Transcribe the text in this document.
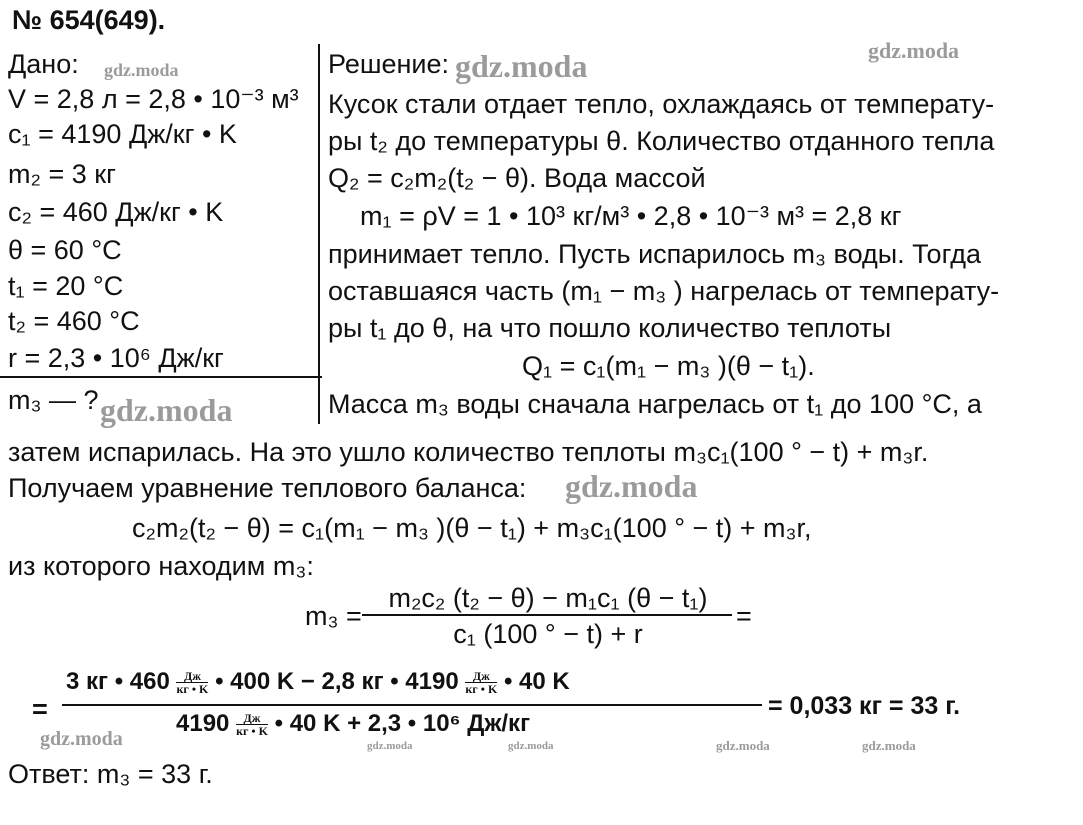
№ 654(649).
Дано:
V = 2,8 л = 2,8 • 10⁻³ м³
c₁ = 4190 Дж/кг • K
m₂ = 3 кг
c₂ = 460 Дж/кг • K
θ = 60 °C
t₁ = 20 °C
t₂ = 460 °C
r = 2,3 • 10⁶ Дж/кг
m₃ — ?
Решение:
Кусок стали отдает тепло, охлаждаясь от температу-
ры t₂ до температуры θ. Количество отданного тепла
Q₂ = c₂m₂(t₂ − θ). Вода массой
m₁ = ρV = 1 • 10³ кг/м³ • 2,8 • 10⁻³ м³ = 2,8 кг
принимает тепло. Пусть испарилось m₃ воды. Тогда
оставшаяся часть (m₁ − m₃ ) нагрелась от температу-
ры t₁ до θ, на что пошло количество теплоты
Q₁ = c₁(m₁ − m₃ )(θ − t₁).
Масса m₃ воды сначала нагрелась от t₁ до 100 °C, а
затем испарилась. На это ушло количество теплоты m₃c₁(100 ° − t) + m₃r.
Получаем уравнение теплового баланса:
c₂m₂(t₂ − θ) = c₁(m₁ − m₃ )(θ − t₁) + m₃c₁(100 ° − t) + m₃r,
из которого находим m₃:
m₃ =
m₂c₂ (t₂ − θ) − m₁c₁ (θ − t₁)
c₁ (100 ° − t) + r
=
=
3 кг • 460	Дж
кг • K • 400 K − 2,8 кг • 4190	Дж
кг • K • 40 K
4190	Дж
кг • K • 40 K + 2,3 • 10⁶ Дж/кг
= 0,033 кг = 33 г.
Ответ: m₃ = 33 г.
gdz.moda	gdz.moda	gdz.moda
gdz.moda
gdz.moda
gdz.moda	gdz.moda	gdz.moda	gdz.moda	gdz.moda
